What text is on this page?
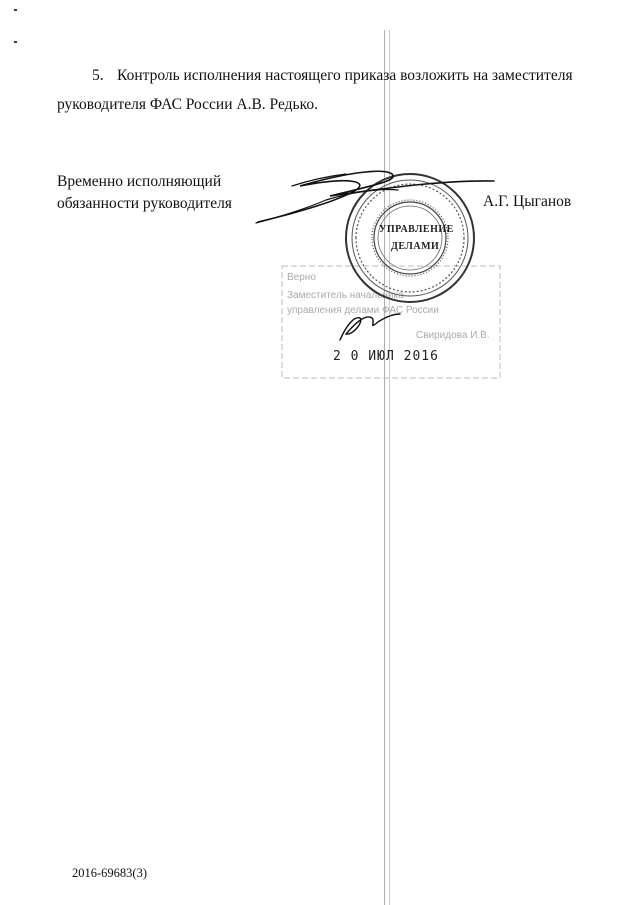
5. Контроль исполнения настоящего приказа возложить на заместителя
руководителя ФАС России А.В. Редько.
Временно исполняющий
обязанности руководителя	А.Г. Цыганов
Верно
Заместитель начальника
управления делами ФАС России
Свиридова И.В.
2 0 ИЮЛ 2016
УПРАВЛЕНИЕ
ДЕЛАМИ
2016-69683(3)
